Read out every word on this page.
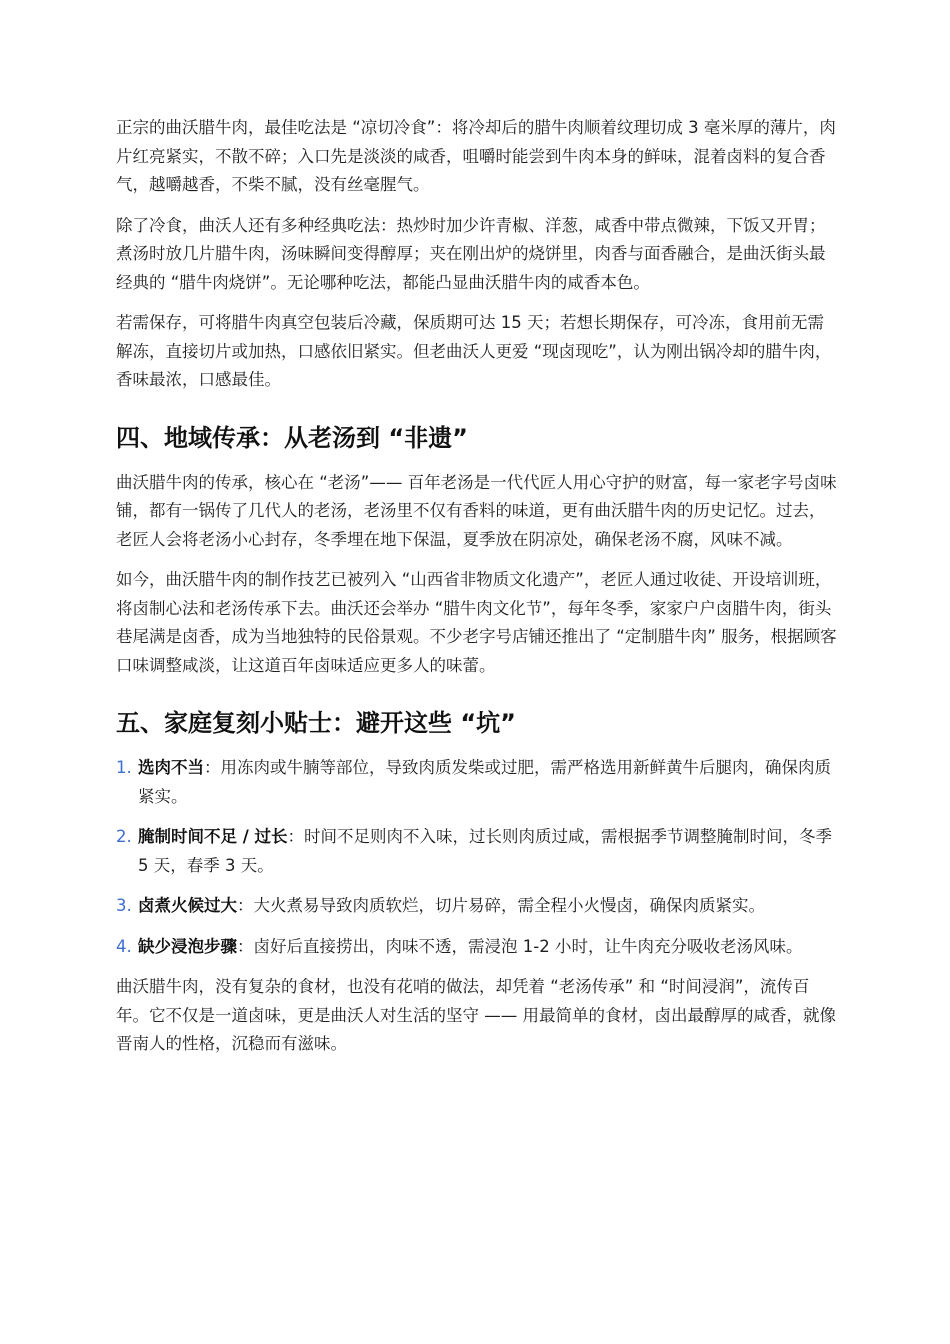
正宗的曲沃腊牛肉，最佳吃法是 “凉切冷食”：将冷却后的腊牛肉顺着纹理切成 3 毫米厚的薄片，肉片红亮紧实，不散不碎；入口先是淡淡的咸香，咀嚼时能尝到牛肉本身的鲜味，混着卤料的复合香气，越嚼越香，不柴不腻，没有丝毫腥气。

除了冷食，曲沃人还有多种经典吃法：热炒时加少许青椒、洋葱，咸香中带点微辣，下饭又开胃；煮汤时放几片腊牛肉，汤味瞬间变得醇厚；夹在刚出炉的烧饼里，肉香与面香融合，是曲沃街头最经典的 “腊牛肉烧饼”。无论哪种吃法，都能凸显曲沃腊牛肉的咸香本色。

若需保存，可将腊牛肉真空包装后冷藏，保质期可达 15 天；若想长期保存，可冷冻，食用前无需解冻，直接切片或加热，口感依旧紧实。但老曲沃人更爱 “现卤现吃”，认为刚出锅冷却的腊牛肉，香味最浓，口感最佳。

四、地域传承：从老汤到 “非遗”

曲沃腊牛肉的传承，核心在 “老汤”—— 百年老汤是一代代匠人用心守护的财富，每一家老字号卤味铺，都有一锅传了几代人的老汤，老汤里不仅有香料的味道，更有曲沃腊牛肉的历史记忆。过去，老匠人会将老汤小心封存，冬季埋在地下保温，夏季放在阴凉处，确保老汤不腐，风味不减。

如今，曲沃腊牛肉的制作技艺已被列入 “山西省非物质文化遗产”，老匠人通过收徒、开设培训班，将卤制心法和老汤传承下去。曲沃还会举办 “腊牛肉文化节”，每年冬季，家家户户卤腊牛肉，街头巷尾满是卤香，成为当地独特的民俗景观。不少老字号店铺还推出了 “定制腊牛肉” 服务，根据顾客口味调整咸淡，让这道百年卤味适应更多人的味蕾。

五、家庭复刻小贴士：避开这些 “坑”
1. 选肉不当：用冻肉或牛腩等部位，导致肉质发柴或过肥，需严格选用新鲜黄牛后腿肉，确保肉质紧实。
2. 腌制时间不足 / 过长：时间不足则肉不入味，过长则肉质过咸，需根据季节调整腌制时间，冬季 5 天，春季 3 天。
3. 卤煮火候过大：大火煮易导致肉质软烂，切片易碎，需全程小火慢卤，确保肉质紧实。
4. 缺少浸泡步骤：卤好后直接捞出，肉味不透，需浸泡 1-2 小时，让牛肉充分吸收老汤风味。

曲沃腊牛肉，没有复杂的食材，也没有花哨的做法，却凭着 “老汤传承” 和 “时间浸润”，流传百年。它不仅是一道卤味，更是曲沃人对生活的坚守 —— 用最简单的食材，卤出最醇厚的咸香，就像晋南人的性格，沉稳而有滋味。
